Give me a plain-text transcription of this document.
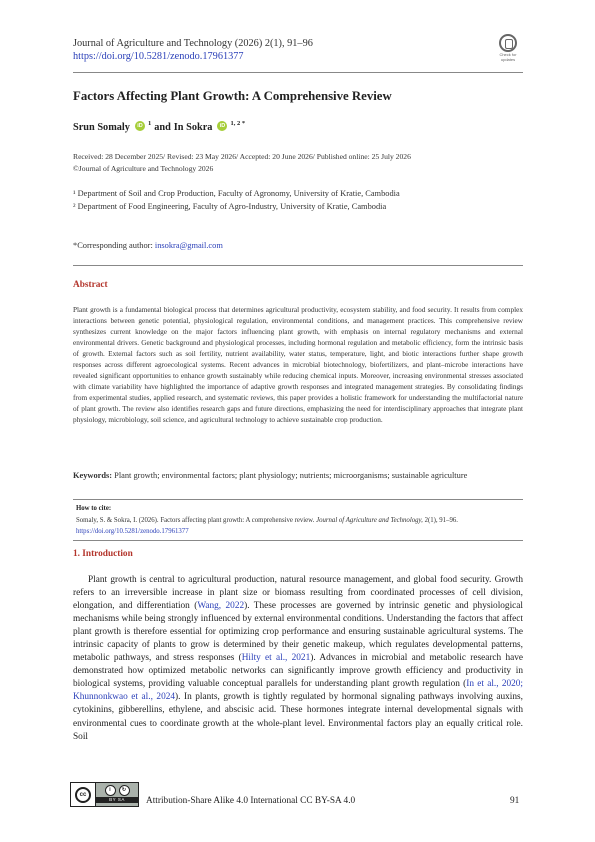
Journal of Agriculture and Technology (2026) 2(1), 91–96
https://doi.org/10.5281/zenodo.17961377	Check for updates
Factors Affecting Plant Growth: A Comprehensive Review
Srun Somaly	iD 1 and In Sokra	iD 1, 2 *
Received: 28 December 2025/ Revised: 23 May 2026/ Accepted: 20 June 2026/ Published online: 25 July 2026
©Journal of Agriculture and Technology 2026
¹ Department of Soil and Crop Production, Faculty of Agronomy, University of Kratie, Cambodia
² Department of Food Engineering, Faculty of Agro-Industry, University of Kratie, Cambodia
*Corresponding author: insokra@gmail.com
Abstract
Plant growth is a fundamental biological process that determines agricultural productivity, ecosystem stability, and food security. It results from complex interactions between genetic potential, physiological regulation, environmental conditions, and management practices. This comprehensive review synthesizes current knowledge on the major factors influencing plant growth, with emphasis on internal regulatory mechanisms and external environmental drivers. Genetic background and physiological processes, including hormonal regulation and metabolic efficiency, form the intrinsic basis of growth. External factors such as soil fertility, nutrient availability, water status, temperature, light, and biotic interactions further shape growth responses across different agroecological systems. Recent advances in microbial biotechnology, biofertilizers, and plant–microbe interactions have revealed significant opportunities to enhance growth sustainably while reducing chemical inputs. Moreover, increasing environmental stresses associated with climate variability have highlighted the importance of adaptive growth responses and integrated management strategies. By consolidating findings from experimental studies, applied research, and systematic reviews, this paper provides a holistic framework for understanding the multifactorial nature of plant growth. The review also identifies research gaps and future directions, emphasizing the need for interdisciplinary approaches that integrate plant physiology, microbiology, soil science, and agricultural technology to achieve sustainable crop production.
Keywords: Plant growth; environmental factors; plant physiology; nutrients; microorganisms; sustainable agriculture
How to cite:
Somaly, S. & Sokra, I. (2026). Factors affecting plant growth: A comprehensive review. Journal of Agriculture and Technology, 2(1), 91–96. https://doi.org/10.5281/zenodo.17961377
1. Introduction
Plant growth is central to agricultural production, natural resource management, and global food security. Growth refers to an irreversible increase in plant size or biomass resulting from coordinated processes of cell division, elongation, and differentiation (Wang, 2022). These processes are governed by intrinsic genetic and physiological mechanisms while being strongly influenced by external environmental conditions. Understanding the factors that affect plant growth is therefore essential for optimizing crop performance and ensuring sustainable agricultural systems. The intrinsic capacity of plants to grow is determined by their genetic makeup, which regulates developmental patterns, metabolic pathways, and stress responses (Hilty et al., 2021). Advances in microbial and metabolic research have demonstrated how optimized metabolic networks can significantly improve growth efficiency and productivity in biological systems, providing valuable conceptual parallels for understanding plant growth regulation (In et al., 2020; Khunnonkwao et al., 2024). In plants, growth is tightly regulated by hormonal signaling pathways involving auxins, cytokinins, gibberellins, ethylene, and abscisic acid. These hormones integrate internal developmental signals with environmental cues to coordinate growth at the whole-plant level. Environmental factors play an equally critical role. Soil
cc
i	↻
BY SA	Attribution-Share Alike 4.0 International CC BY-SA 4.0	91
